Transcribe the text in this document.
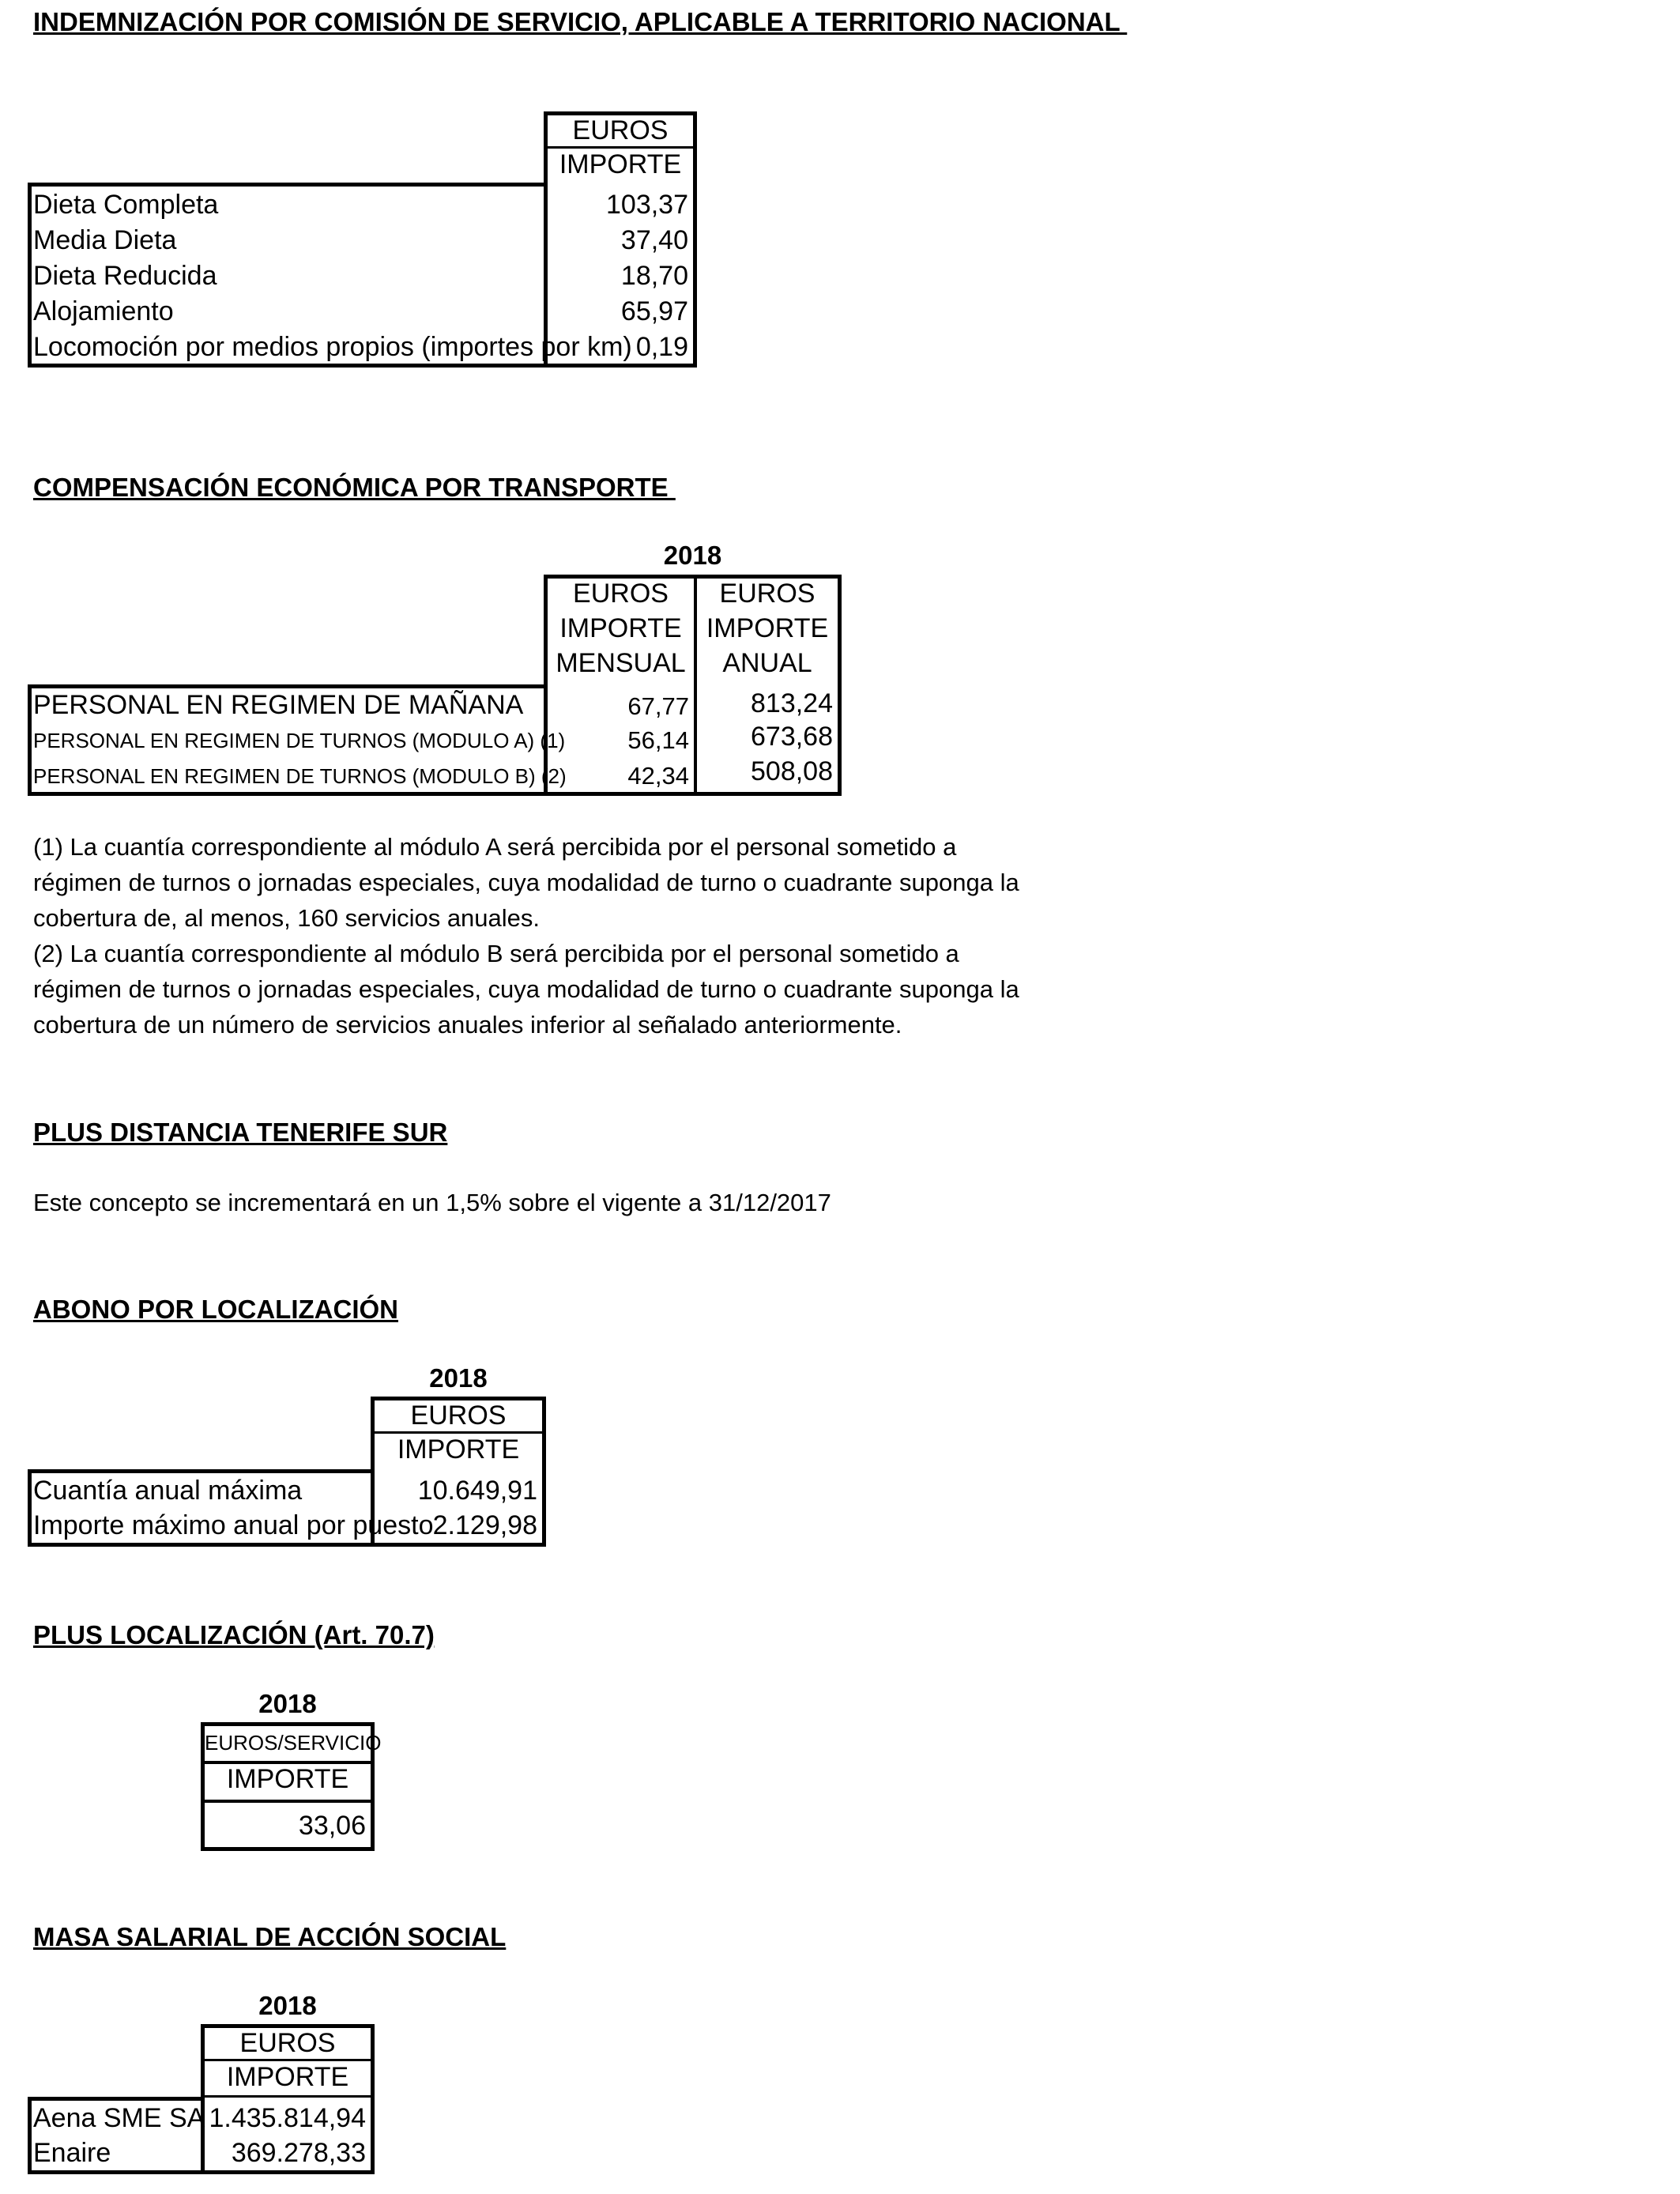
INDEMNIZACIÓN POR COMISIÓN DE SERVICIO, APLICABLE A TERRITORIO NACIONAL
EUROS
IMPORTE
Dieta Completa	103,37
Media Dieta	37,40
Dieta Reducida	18,70
Alojamiento	65,97
Locomoción por medios propios (importes por km) 0,19
COMPENSACIÓN ECONÓMICA POR TRANSPORTE
2018
EUROS
IMPORTE
MENSUAL
EUROS
IMPORTE
ANUAL
PERSONAL EN REGIMEN DE MAÑANA	67,77	813,24
PERSONAL EN REGIMEN DE TURNOS (MODULO A) (1)	56,14	673,68
PERSONAL EN REGIMEN DE TURNOS (MODULO B) (2)	42,34	508,08
(1) La cuantía correspondiente al módulo A será percibida por el personal sometido a
régimen de turnos o jornadas especiales, cuya modalidad de turno o cuadrante suponga la
cobertura de, al menos, 160 servicios anuales.
(2) La cuantía correspondiente al módulo B será percibida por el personal sometido a
régimen de turnos o jornadas especiales, cuya modalidad de turno o cuadrante suponga la
cobertura de un número de servicios anuales inferior al señalado anteriormente.
PLUS DISTANCIA TENERIFE SUR
Este concepto se incrementará en un 1,5% sobre el vigente a 31/12/2017
ABONO POR LOCALIZACIÓN
2018
EUROS
IMPORTE
Cuantía anual máxima	10.649,91
Importe máximo anual por puesto 2.129,98
PLUS LOCALIZACIÓN (Art. 70.7)
2018
EUROS/SERVICIO
IMPORTE
33,06
MASA SALARIAL DE ACCIÓN SOCIAL
2018
EUROS
IMPORTE
Aena SME SA 1.435.814,94
Enaire	369.278,33
